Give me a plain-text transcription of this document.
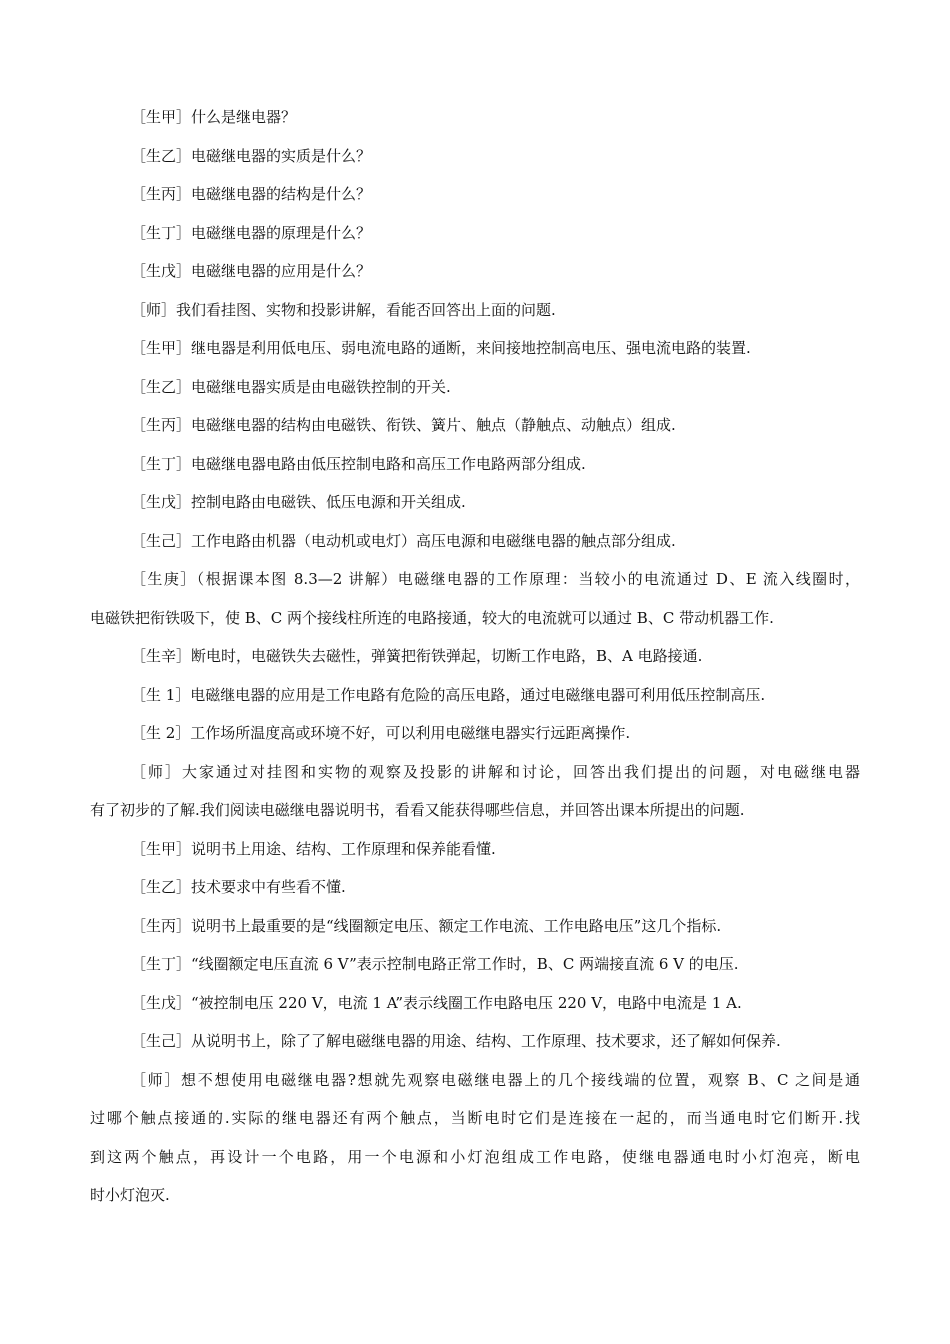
［生甲］什么是继电器？

［生乙］电磁继电器的实质是什么？

［生丙］电磁继电器的结构是什么？

［生丁］电磁继电器的原理是什么？

［生戊］电磁继电器的应用是什么？

［师］我们看挂图、实物和投影讲解，看能否回答出上面的问题.

［生甲］继电器是利用低电压、弱电流电路的通断，来间接地控制高电压、强电流电路的装置.

［生乙］电磁继电器实质是由电磁铁控制的开关.

［生丙］电磁继电器的结构由电磁铁、衔铁、簧片、触点（静触点、动触点）组成.

［生丁］电磁继电器电路由低压控制电路和高压工作电路两部分组成.

［生戊］控制电路由电磁铁、低压电源和开关组成.

［生己］工作电路由机器（电动机或电灯）高压电源和电磁继电器的触点部分组成.

［生庚］（根据课本图 8.3—2 讲解）电磁继电器的工作原理：当较小的电流通过 D、E 流入线圈时，
电磁铁把衔铁吸下，使 B、C 两个接线柱所连的电路接通，较大的电流就可以通过 B、C 带动机器工作.

［生辛］断电时，电磁铁失去磁性，弹簧把衔铁弹起，切断工作电路，B、A 电路接通.

［生 1］电磁继电器的应用是工作电路有危险的高压电路，通过电磁继电器可利用低压控制高压.

［生 2］工作场所温度高或环境不好，可以利用电磁继电器实行远距离操作.

［师］大家通过对挂图和实物的观察及投影的讲解和讨论，回答出我们提出的问题，对电磁继电器
有了初步的了解.我们阅读电磁继电器说明书，看看又能获得哪些信息，并回答出课本所提出的问题.

［生甲］说明书上用途、结构、工作原理和保养能看懂.

［生乙］技术要求中有些看不懂.

［生丙］说明书上最重要的是“线圈额定电压、额定工作电流、工作电路电压”这几个指标.

［生丁］“线圈额定电压直流 6 V”表示控制电路正常工作时，B、C 两端接直流 6 V 的电压.

［生戊］“被控制电压 220 V，电流 1 A”表示线圈工作电路电压 220 V，电路中电流是 1 A.

［生己］从说明书上，除了了解电磁继电器的用途、结构、工作原理、技术要求，还了解如何保养.

［师］想不想使用电磁继电器?想就先观察电磁继电器上的几个接线端的位置，观察 B、C 之间是通
过哪个触点接通的.实际的继电器还有两个触点，当断电时它们是连接在一起的，而当通电时它们断开.找
到这两个触点，再设计一个电路，用一个电源和小灯泡组成工作电路，使继电器通电时小灯泡亮，断电
时小灯泡灭.
